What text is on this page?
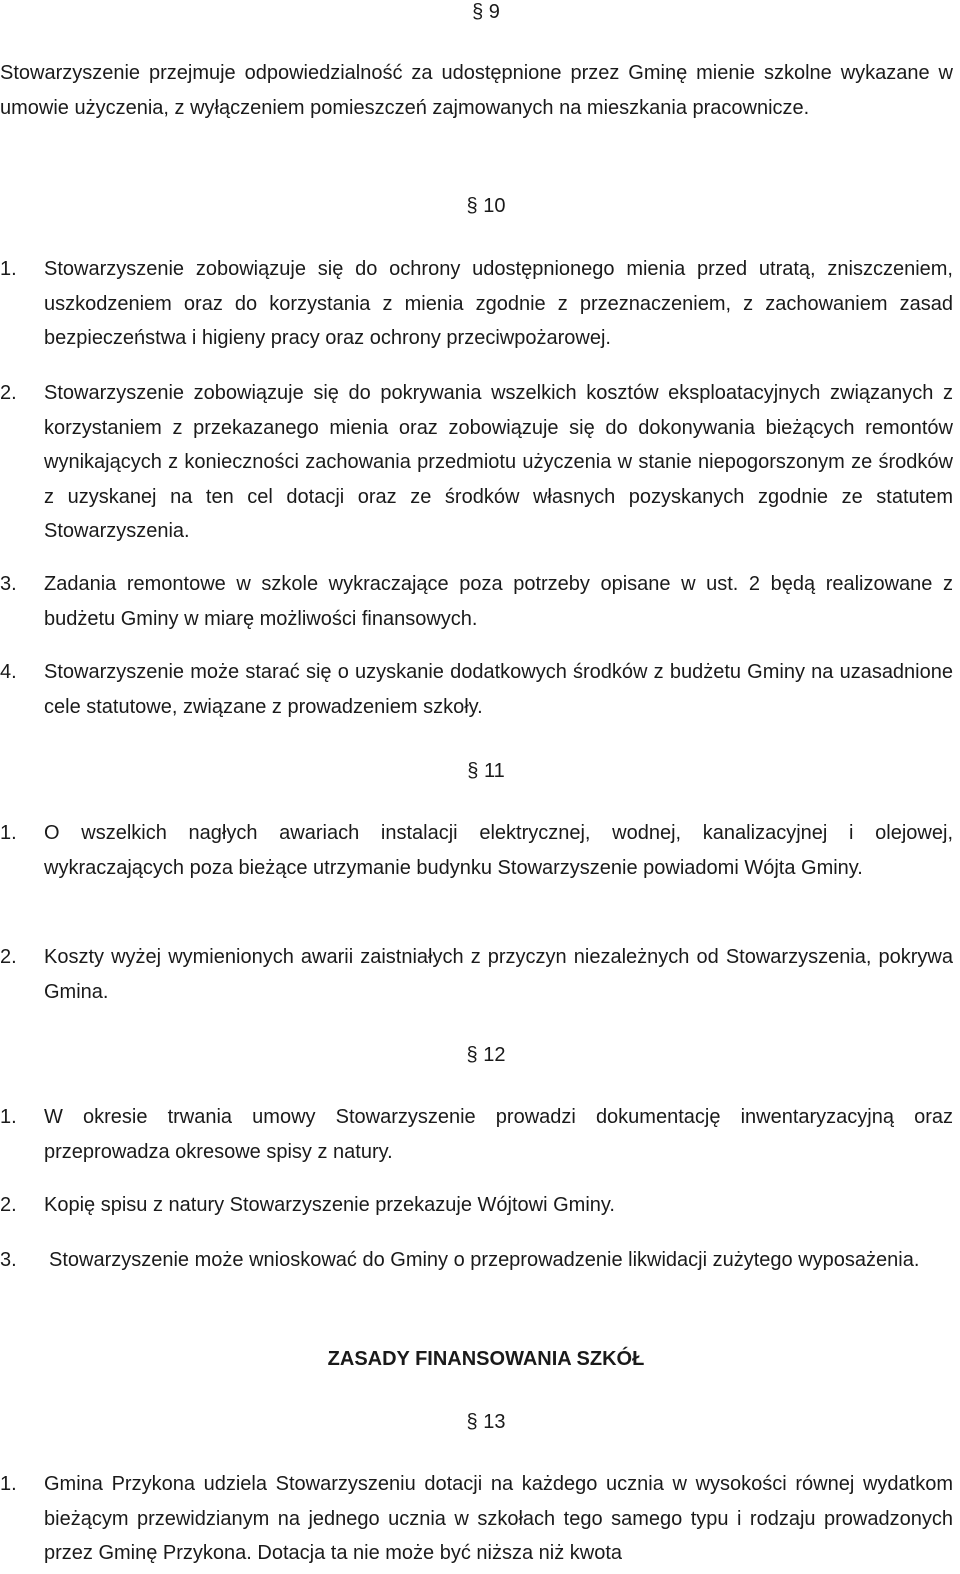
§ 9
Stowarzyszenie przejmuje odpowiedzialność za udostępnione przez Gminę mienie szkolne wykazane w umowie użyczenia, z wyłączeniem pomieszczeń zajmowanych na mieszkania pracownicze.
§ 10
1.	Stowarzyszenie zobowiązuje się do ochrony udostępnionego mienia przed utratą, zniszczeniem, uszkodzeniem oraz do korzystania z mienia zgodnie z przeznaczeniem, z zachowaniem zasad bezpieczeństwa i higieny pracy oraz ochrony przeciwpożarowej.
2.	Stowarzyszenie zobowiązuje się do pokrywania wszelkich kosztów eksploatacyjnych związanych z korzystaniem z przekazanego mienia oraz zobowiązuje się do dokonywania bieżących remontów wynikających z konieczności zachowania przedmiotu użyczenia w stanie niepogorszonym ze środków z uzyskanej na ten cel dotacji oraz ze środków własnych pozyskanych zgodnie ze statutem Stowarzyszenia.
3.	Zadania remontowe w szkole wykraczające poza potrzeby opisane w ust. 2 będą realizowane z budżetu Gminy w miarę możliwości finansowych.
4.	Stowarzyszenie może starać się o uzyskanie dodatkowych środków z budżetu Gminy na uzasadnione cele statutowe, związane z prowadzeniem szkoły.
§ 11
1.	O wszelkich nagłych awariach instalacji elektrycznej, wodnej, kanalizacyjnej i olejowej, wykraczających poza bieżące utrzymanie budynku Stowarzyszenie powiadomi Wójta Gminy.
2.	Koszty wyżej wymienionych awarii zaistniałych z przyczyn niezależnych od Stowarzyszenia, pokrywa Gmina.
§ 12
1.	W okresie trwania umowy Stowarzyszenie prowadzi dokumentację inwentaryzacyjną oraz przeprowadza okresowe spisy z natury.
2.	Kopię spisu z natury Stowarzyszenie przekazuje Wójtowi Gminy.
3.	Stowarzyszenie może wnioskować do Gminy o przeprowadzenie likwidacji zużytego wyposażenia.
ZASADY FINANSOWANIA SZKÓŁ
§ 13
1.	Gmina Przykona udziela Stowarzyszeniu dotacji na każdego ucznia w wysokości równej wydatkom bieżącym przewidzianym na jednego ucznia w szkołach tego samego typu i rodzaju prowadzonych przez Gminę Przykona. Dotacja ta nie może być niższa niż kwota
